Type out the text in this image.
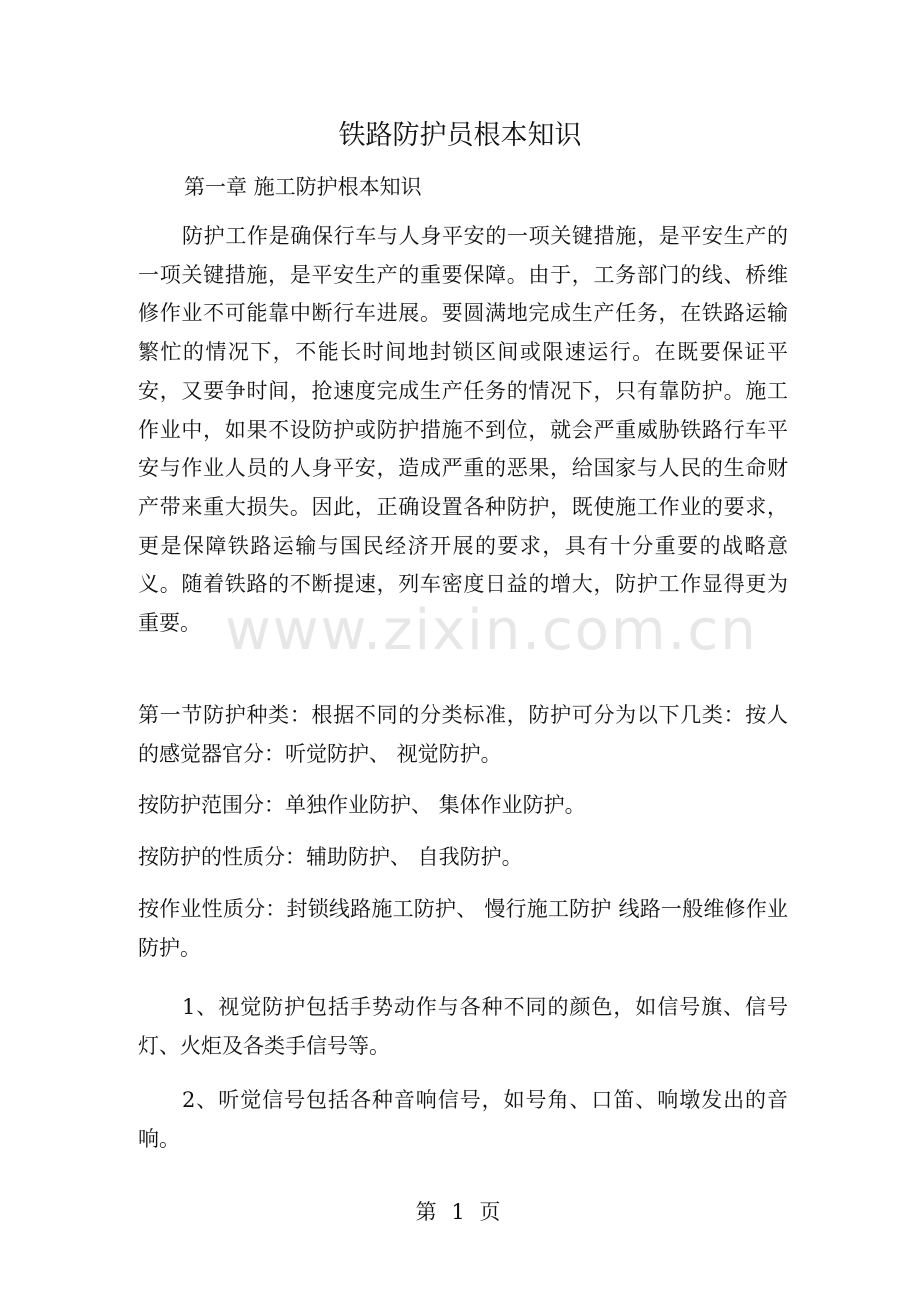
www.zixin.com.cn
铁路防护员根本知识
第一章 施工防护根本知识

防护工作是确保行车与人身平安的一项关键措施，是平安生产的一项关键措施，是平安生产的重要保障。由于，工务部门的线、桥维修作业不可能靠中断行车进展。要圆满地完成生产任务，在铁路运输繁忙的情况下，不能长时间地封锁区间或限速运行。在既要保证平安，又要争时间，抢速度完成生产任务的情况下，只有靠防护。施工作业中，如果不设防护或防护措施不到位，就会严重威胁铁路行车平安与作业人员的人身平安，造成严重的恶果，给国家与人民的生命财产带来重大损失。因此，正确设置各种防护，既使施工作业的要求，更是保障铁路运输与国民经济开展的要求，具有十分重要的战略意义。随着铁路的不断提速，列车密度日益的增大，防护工作显得更为重要。

第一节防护种类：根据不同的分类标准，防护可分为以下几类：按人的感觉器官分：听觉防护、 视觉防护。

按防护范围分：单独作业防护、 集体作业防护。

按防护的性质分：辅助防护、 自我防护。

按作业性质分：封锁线路施工防护、 慢行施工防护 线路一般维修作业防护。

1、视觉防护包括手势动作与各种不同的颜色，如信号旗、信号灯、火炬及各类手信号等。

2、听觉信号包括各种音响信号，如号角、口笛、响墩发出的音响。

第 1 页
